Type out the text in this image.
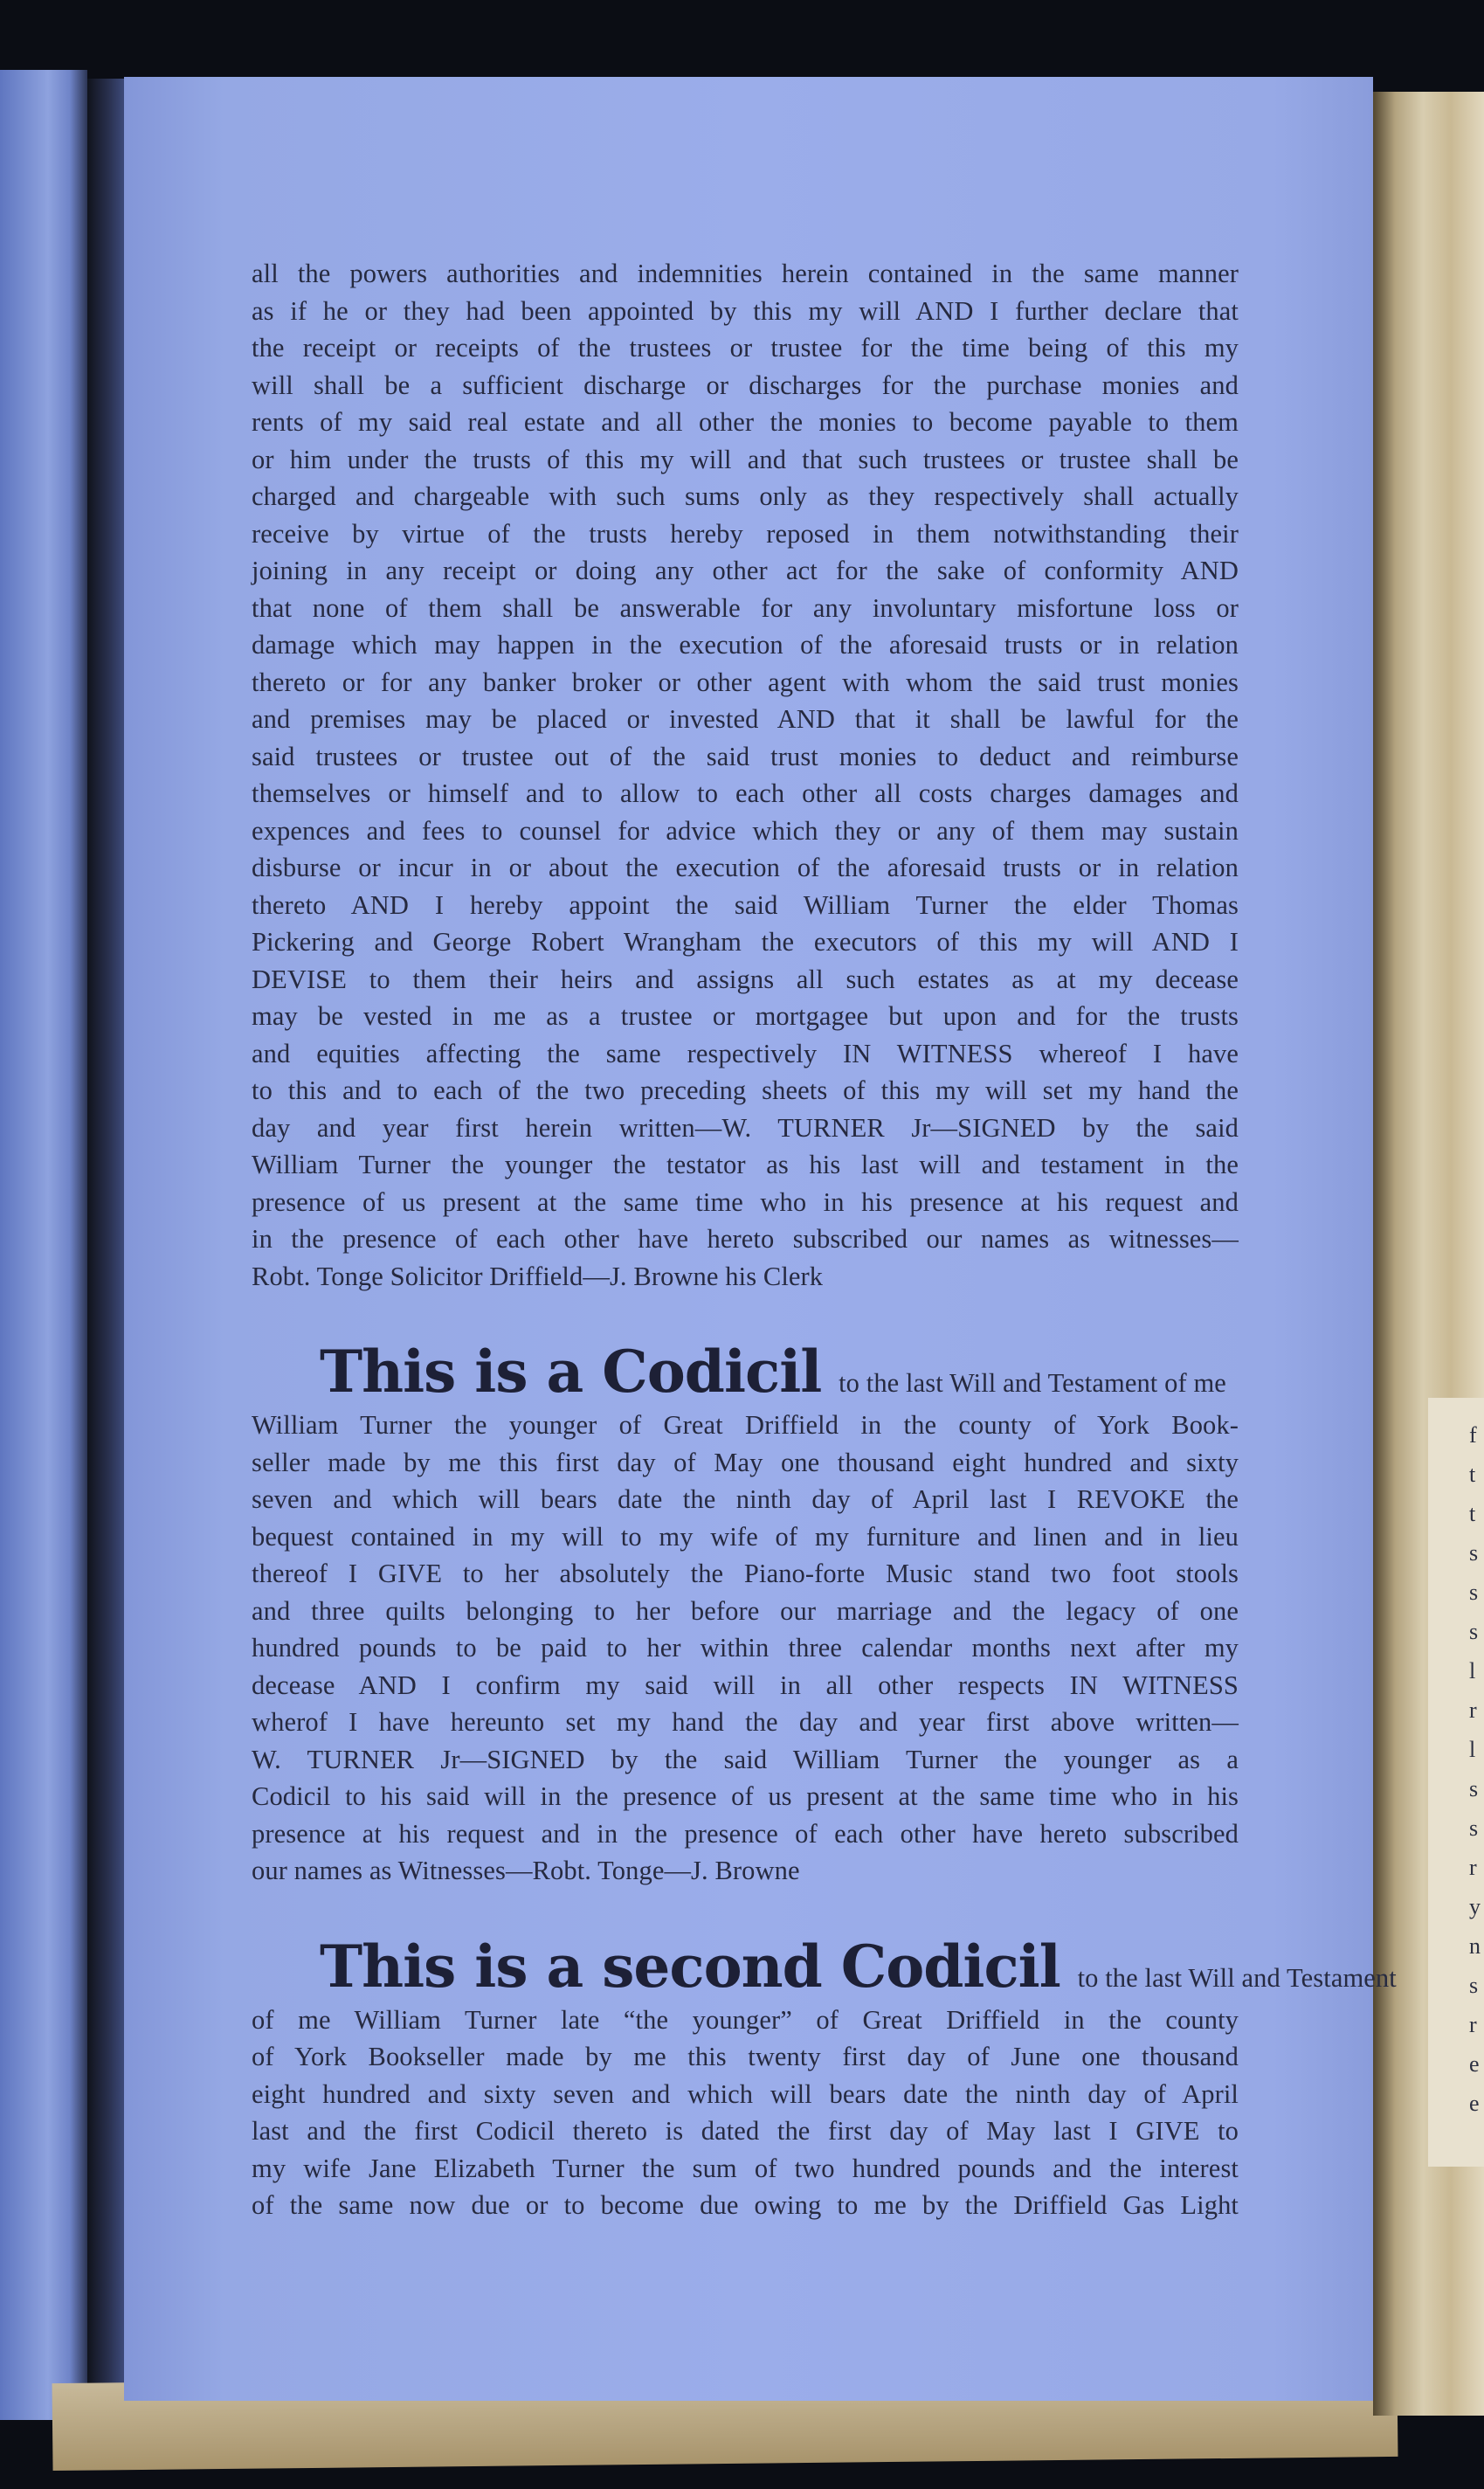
f t t s s s l r l s s r y n s r e e
all the powers authorities and indemnities herein contained in the same manner
as if he or they had been appointed by this my will AND I further declare that
the receipt or receipts of the trustees or trustee for the time being of this my
will shall be a sufficient discharge or discharges for the purchase monies and
rents of my said real estate and all other the monies to become payable to them
or him under the trusts of this my will and that such trustees or trustee shall be
charged and chargeable with such sums only as they respectively shall actually
receive by virtue of the trusts hereby reposed in them notwithstanding their
joining in any receipt or doing any other act for the sake of conformity AND
that none of them shall be answerable for any involuntary misfortune loss or
damage which may happen in the execution of the aforesaid trusts or in relation
thereto or for any banker broker or other agent with whom the said trust monies
and premises may be placed or invested AND that it shall be lawful for the
said trustees or trustee out of the said trust monies to deduct and reimburse
themselves or himself and to allow to each other all costs charges damages and
expences and fees to counsel for advice which they or any of them may sustain
disburse or incur in or about the execution of the aforesaid trusts or in relation
thereto AND I hereby appoint the said William Turner the elder Thomas
Pickering and George Robert Wrangham the executors of this my will AND I
DEVISE to them their heirs and assigns all such estates as at my decease
may be vested in me as a trustee or mortgagee but upon and for the trusts
and equities affecting the same respectively IN WITNESS whereof I have
to this and to each of the two preceding sheets of this my will set my hand the
day and year first herein written—W. TURNER Jr—SIGNED by the said
William Turner the younger the testator as his last will and testament in the
presence of us present at the same time who in his presence at his request and
in the presence of each other have hereto subscribed our names as witnesses—
Robt. Tonge Solicitor Driffield—J. Browne his Clerk
This is a Codicil to the last Will and Testament of me
William Turner the younger of Great Driffield in the county of York Book-
seller made by me this first day of May one thousand eight hundred and sixty
seven and which will bears date the ninth day of April last I REVOKE the
bequest contained in my will to my wife of my furniture and linen and in lieu
thereof I GIVE to her absolutely the Piano-forte Music stand two foot stools
and three quilts belonging to her before our marriage and the legacy of one
hundred pounds to be paid to her within three calendar months next after my
decease AND I confirm my said will in all other respects IN WITNESS
wherof I have hereunto set my hand the day and year first above written—
W. TURNER Jr—SIGNED by the said William Turner the younger as a
Codicil to his said will in the presence of us present at the same time who in his
presence at his request and in the presence of each other have hereto subscribed
our names as Witnesses—Robt. Tonge—J. Browne
This is a second Codicil to the last Will and Testament
of me William Turner late “the younger” of Great Driffield in the county
of York Bookseller made by me this twenty first day of June one thousand
eight hundred and sixty seven and which will bears date the ninth day of April
last and the first Codicil thereto is dated the first day of May last I GIVE to
my wife Jane Elizabeth Turner the sum of two hundred pounds and the interest
of the same now due or to become due owing to me by the Driffield Gas Light
